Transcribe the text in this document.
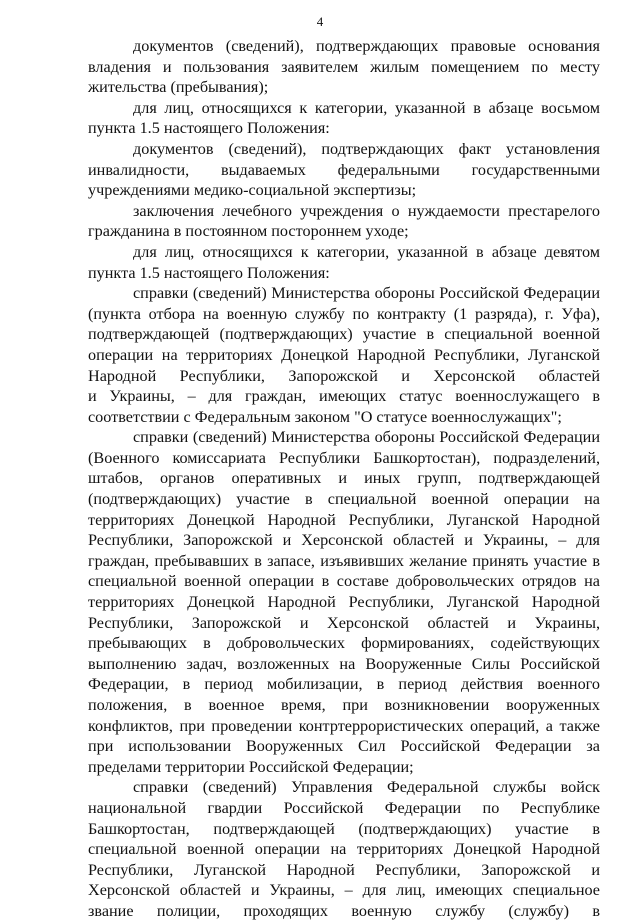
4
документов (сведений), подтверждающих правовые основания
владения и пользования заявителем жилым помещением по месту
жительства (пребывания);
для лиц, относящихся к категории, указанной в абзаце восьмом
пункта 1.5 настоящего Положения:
документов (сведений), подтверждающих факт установления
инвалидности, выдаваемых федеральными государственными
учреждениями медико-социальной экспертизы;
заключения лечебного учреждения о нуждаемости престарелого
гражданина в постоянном постороннем уходе;
для лиц, относящихся к категории, указанной в абзаце девятом
пункта 1.5 настоящего Положения:
справки (сведений) Министерства обороны Российской Федерации
(пункта отбора на военную службу по контракту (1 разряда), г. Уфа),
подтверждающей (подтверждающих) участие в специальной военной
операции на территориях Донецкой Народной Республики, Луганской
Народной Республики, Запорожской и Херсонской областей
и Украины, – для граждан, имеющих статус военнослужащего в
соответствии с Федеральным законом "О статусе военнослужащих";
справки (сведений) Министерства обороны Российской Федерации
(Военного комиссариата Республики Башкортостан), подразделений,
штабов, органов оперативных и иных групп, подтверждающей
(подтверждающих) участие в специальной военной операции на
территориях Донецкой Народной Республики, Луганской Народной
Республики, Запорожской и Херсонской областей и Украины, – для
граждан, пребывавших в запасе, изъявивших желание принять участие в
специальной военной операции в составе добровольческих отрядов на
территориях Донецкой Народной Республики, Луганской Народной
Республики, Запорожской и Херсонской областей и Украины,
пребывающих в добровольческих формированиях, содействующих
выполнению задач, возложенных на Вооруженные Силы Российской
Федерации, в период мобилизации, в период действия военного
положения, в военное время, при возникновении вооруженных
конфликтов, при проведении контртеррористических операций, а также
при использовании Вооруженных Сил Российской Федерации за
пределами территории Российской Федерации;
справки (сведений) Управления Федеральной службы войск
национальной гвардии Российской Федерации по Республике
Башкортостан, подтверждающей (подтверждающих) участие в
специальной военной операции на территориях Донецкой Народной
Республики, Луганской Народной Республики, Запорожской и
Херсонской областей и Украины, – для лиц, имеющих специальное
звание полиции, проходящих военную службу (службу) в
